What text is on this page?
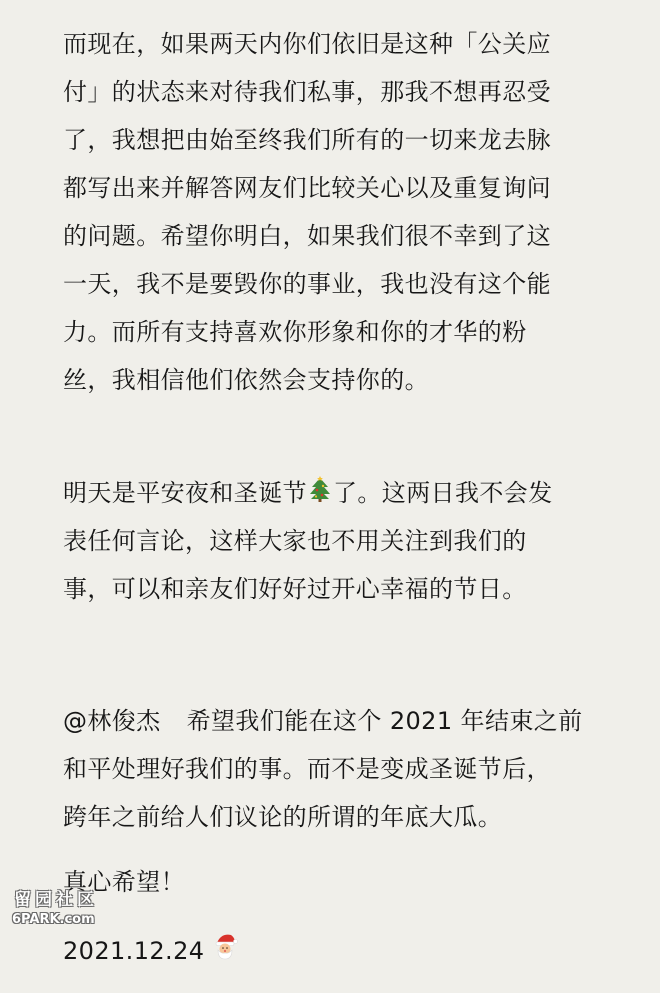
而现在，如果两天内你们依旧是这种「公关应
付」的状态来对待我们私事，那我不想再忍受
了，我想把由始至终我们所有的一切来龙去脉
都写出来并解答网友们比较关心以及重复询问
的问题。希望你明白，如果我们很不幸到了这
一天，我不是要毁你的事业，我也没有这个能
力。而所有支持喜欢你形象和你的才华的粉
丝，我相信他们依然会支持你的。
明天是平安夜和圣诞节 了。这两日我不会发
表任何言论，这样大家也不用关注到我们的
事，可以和亲友们好好过开心幸福的节日。
@林俊杰 希望我们能在这个 2021 年结束之前
和平处理好我们的事。而不是变成圣诞节后，
跨年之前给人们议论的所谓的年底大瓜。
真心希望！
2021.12.24
留园社区
6PARK.com
